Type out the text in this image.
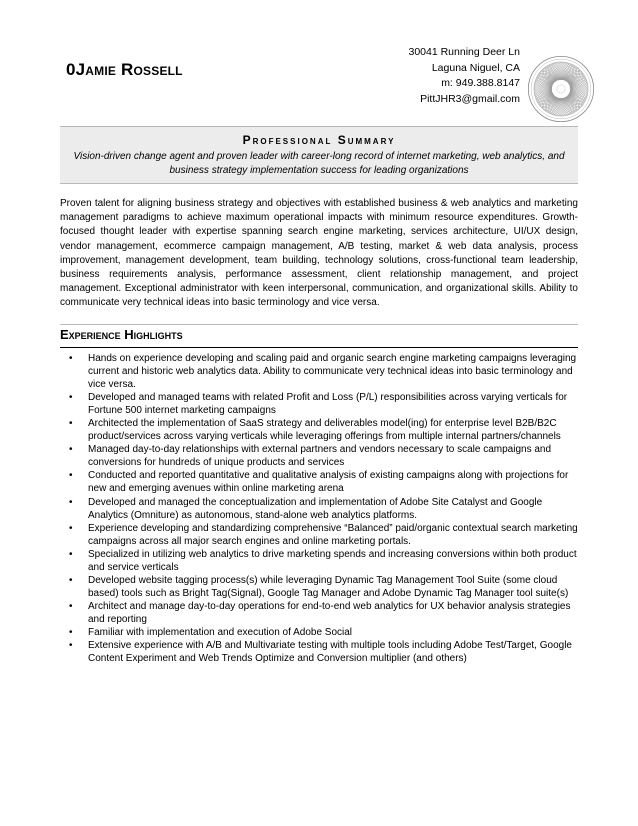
0Jamie Rossell
30041 Running Deer Ln
Laguna Niguel, CA
m: 949.388.8147
PittJHR3@gmail.com
Professional Summary
Vision-driven change agent and proven leader with career-long record of internet marketing, web analytics, and business strategy implementation success for leading organizations

Proven talent for aligning business strategy and objectives with established business & web analytics and marketing management paradigms to achieve maximum operational impacts with minimum resource expenditures. Growth-focused thought leader with expertise spanning search engine marketing, services architecture, UI/UX design, vendor management, ecommerce campaign management, A/B testing, market & web data analysis, process improvement, management development, team building, technology solutions, cross-functional team leadership, business requirements analysis, performance assessment, client relationship management, and project management. Exceptional administrator with keen interpersonal, communication, and organizational skills. Ability to communicate very technical ideas into basic terminology and vice versa.

Experience Highlights
• Hands on experience developing and scaling paid and organic search engine marketing campaigns leveraging current and historic web analytics data. Ability to communicate very technical ideas into basic terminology and vice versa.
• Developed and managed teams with related Profit and Loss (P/L) responsibilities across varying verticals for Fortune 500 internet marketing campaigns
• Architected the implementation of SaaS strategy and deliverables model(ing) for enterprise level B2B/B2C product/services across varying verticals while leveraging offerings from multiple internal partners/channels
• Managed day-to-day relationships with external partners and vendors necessary to scale campaigns and conversions for hundreds of unique products and services
• Conducted and reported quantitative and qualitative analysis of existing campaigns along with projections for new and emerging avenues within online marketing arena
• Developed and managed the conceptualization and implementation of Adobe Site Catalyst and Google Analytics (Omniture) as autonomous, stand-alone web analytics platforms.
• Experience developing and standardizing comprehensive “Balanced” paid/organic contextual search marketing campaigns across all major search engines and online marketing portals.
• Specialized in utilizing web analytics to drive marketing spends and increasing conversions within both product and service verticals
• Developed website tagging process(s) while leveraging Dynamic Tag Management Tool Suite (some cloud based) tools such as Bright Tag(Signal), Google Tag Manager and Adobe Dynamic Tag Manager tool suite(s)
• Architect and manage day-to-day operations for end-to-end web analytics for UX behavior analysis strategies and reporting
• Familiar with implementation and execution of Adobe Social
• Extensive experience with A/B and Multivariate testing with multiple tools including Adobe Test/Target, Google Content Experiment and Web Trends Optimize and Conversion multiplier (and others)
